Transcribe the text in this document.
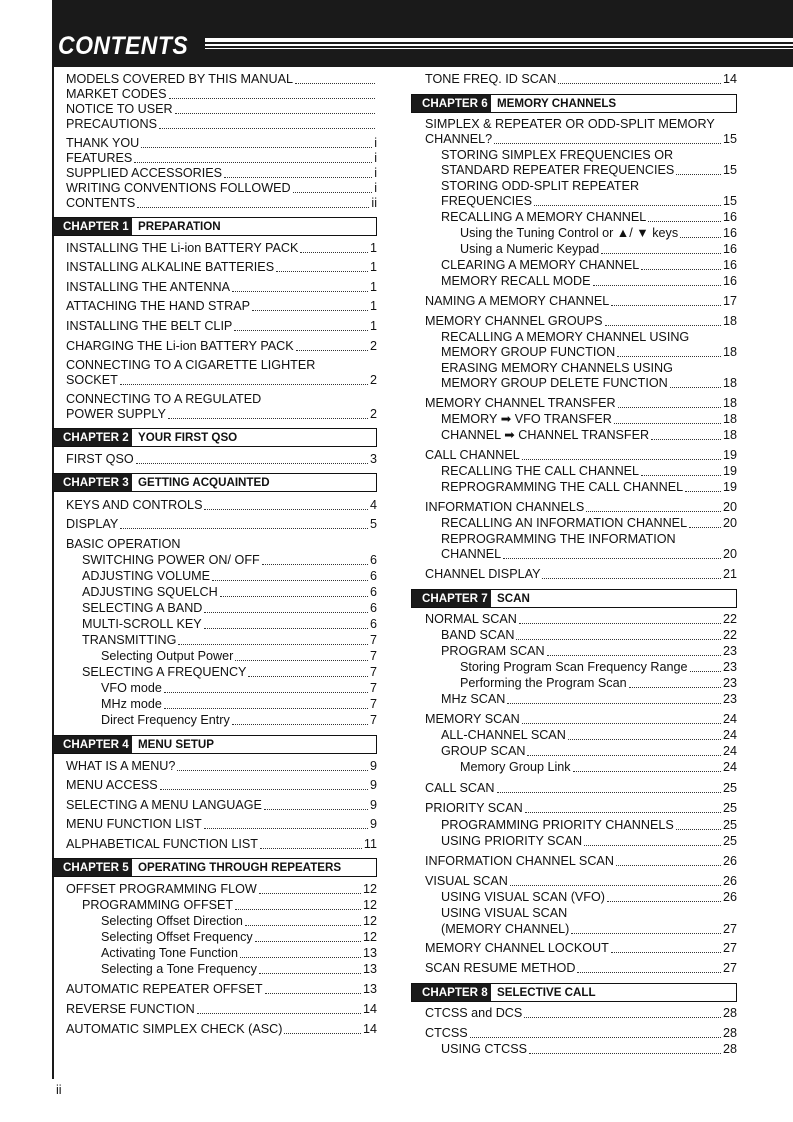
CONTENTS
MODELS COVERED BY THIS MANUAL
MARKET CODES
NOTICE TO USER
PRECAUTIONS
THANK YOU	i
FEATURES	i
SUPPLIED ACCESSORIES	i
WRITING CONVENTIONS FOLLOWED	i
CONTENTS	ii
CHAPTER 1 PREPARATION
INSTALLING THE Li-ion BATTERY PACK	1
INSTALLING ALKALINE BATTERIES	1
INSTALLING THE ANTENNA	1
ATTACHING THE HAND STRAP	1
INSTALLING THE BELT CLIP	1
CHARGING THE Li-ion BATTERY PACK	2
CONNECTING TO A CIGARETTE LIGHTER
SOCKET	2
CONNECTING TO A REGULATED
POWER SUPPLY	2
CHAPTER 2 YOUR FIRST QSO
FIRST QSO	3
CHAPTER 3 GETTING ACQUAINTED
KEYS AND CONTROLS	4
DISPLAY	5
BASIC OPERATION
SWITCHING POWER ON/ OFF	6
ADJUSTING VOLUME	6
ADJUSTING SQUELCH	6
SELECTING A BAND	6
MULTI-SCROLL KEY	6
TRANSMITTING	7
Selecting Output Power	7
SELECTING A FREQUENCY	7
VFO mode	7
MHz mode	7
Direct Frequency Entry	7
CHAPTER 4 MENU SETUP
WHAT IS A MENU?	9
MENU ACCESS	9
SELECTING A MENU LANGUAGE	9
MENU FUNCTION LIST	9
ALPHABETICAL FUNCTION LIST	11
CHAPTER 5 OPERATING THROUGH REPEATERS
OFFSET PROGRAMMING FLOW	12
PROGRAMMING OFFSET	12
Selecting Offset Direction	12
Selecting Offset Frequency	12
Activating Tone Function	13
Selecting a Tone Frequency	13
AUTOMATIC REPEATER OFFSET	13
REVERSE FUNCTION	14
AUTOMATIC SIMPLEX CHECK (ASC)	14
TONE FREQ. ID SCAN	14
CHAPTER 6 MEMORY CHANNELS
SIMPLEX & REPEATER OR ODD-SPLIT MEMORY
CHANNEL?	15
STORING SIMPLEX FREQUENCIES OR
STANDARD REPEATER FREQUENCIES	15
STORING ODD-SPLIT REPEATER
FREQUENCIES	15
RECALLING A MEMORY CHANNEL	16
Using the Tuning Control or ▲/ ▼ keys	16
Using a Numeric Keypad	16
CLEARING A MEMORY CHANNEL	16
MEMORY RECALL MODE	16
NAMING A MEMORY CHANNEL	17
MEMORY CHANNEL GROUPS	18
RECALLING A MEMORY CHANNEL USING
MEMORY GROUP FUNCTION	18
ERASING MEMORY CHANNELS USING
MEMORY GROUP DELETE FUNCTION	18
MEMORY CHANNEL TRANSFER	18
MEMORY ➡ VFO TRANSFER	18
CHANNEL ➡ CHANNEL TRANSFER	18
CALL CHANNEL	19
RECALLING THE CALL CHANNEL	19
REPROGRAMMING THE CALL CHANNEL	19
INFORMATION CHANNELS	20
RECALLING AN INFORMATION CHANNEL	20
REPROGRAMMING THE INFORMATION
CHANNEL	20
CHANNEL DISPLAY	21
CHAPTER 7 SCAN
NORMAL SCAN	22
BAND SCAN	22
PROGRAM SCAN	23
Storing Program Scan Frequency Range	23
Performing the Program Scan	23
MHz SCAN	23
MEMORY SCAN	24
ALL-CHANNEL SCAN	24
GROUP SCAN	24
Memory Group Link	24
CALL SCAN	25
PRIORITY SCAN	25
PROGRAMMING PRIORITY CHANNELS	25
USING PRIORITY SCAN	25
INFORMATION CHANNEL SCAN	26
VISUAL SCAN	26
USING VISUAL SCAN (VFO)	26
USING VISUAL SCAN
(MEMORY CHANNEL)	27
MEMORY CHANNEL LOCKOUT	27
SCAN RESUME METHOD	27
CHAPTER 8 SELECTIVE CALL
CTCSS and DCS	28
CTCSS	28
USING CTCSS	28
ii
